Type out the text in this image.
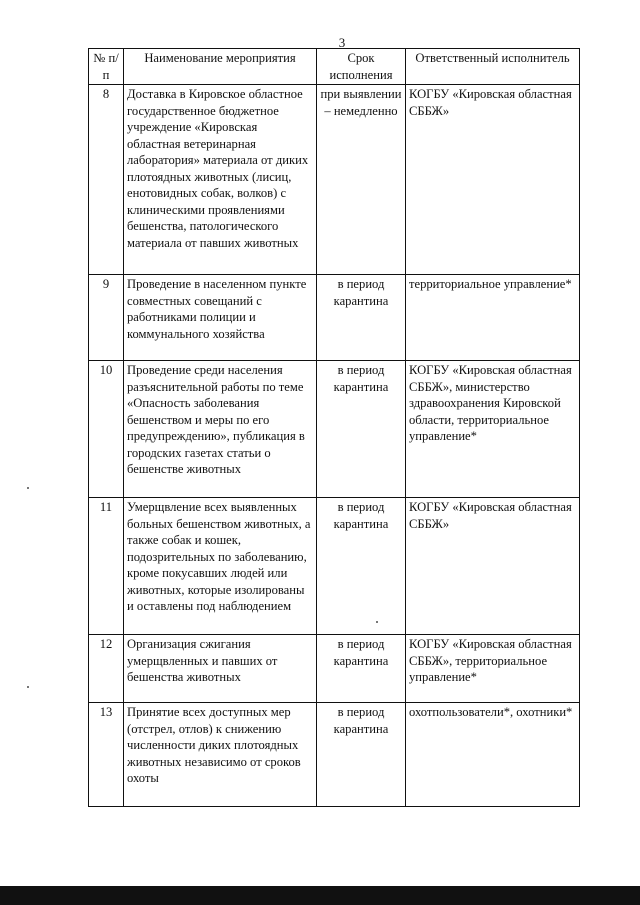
3
№ п/п	Наименование мероприятия	Срок исполнения	Ответственный исполнитель
8	Доставка в Кировское областное государственное бюджетное учреждение «Кировская областная ветеринарная лаборатория» материала от диких плотоядных животных (лисиц, енотовидных собак, волков) с клиническими проявлениями бешенства, патологического материала от павших животных	при выявлении – немедленно	КОГБУ «Кировская областная СББЖ»
9	Проведение в населенном пункте совместных совещаний с работниками полиции и коммунального хозяйства	в период карантина	территориальное управление*
10	Проведение среди населения разъяснительной работы по теме «Опасность заболевания бешенством и меры по его предупреждению», публикация в городских газетах статьи о бешенстве животных	в период карантина	КОГБУ «Кировская областная СББЖ», министерство здравоохранения Кировской области, территориальное управление*
11	Умерщвление всех выявленных больных бешенством животных, а также собак и кошек, подозрительных по заболеванию, кроме покусавших людей или животных, которые изолированы и оставлены под наблюдением	в период карантина	КОГБУ «Кировская областная СББЖ»
12	Организация сжигания умерщвленных и павших от бешенства животных	в период карантина	КОГБУ «Кировская областная СББЖ», территориальное управление*
13	Принятие всех доступных мер (отстрел, отлов) к снижению численности диких плотоядных животных независимо от сроков охоты	в период карантина	охотпользователи*, охотники*
